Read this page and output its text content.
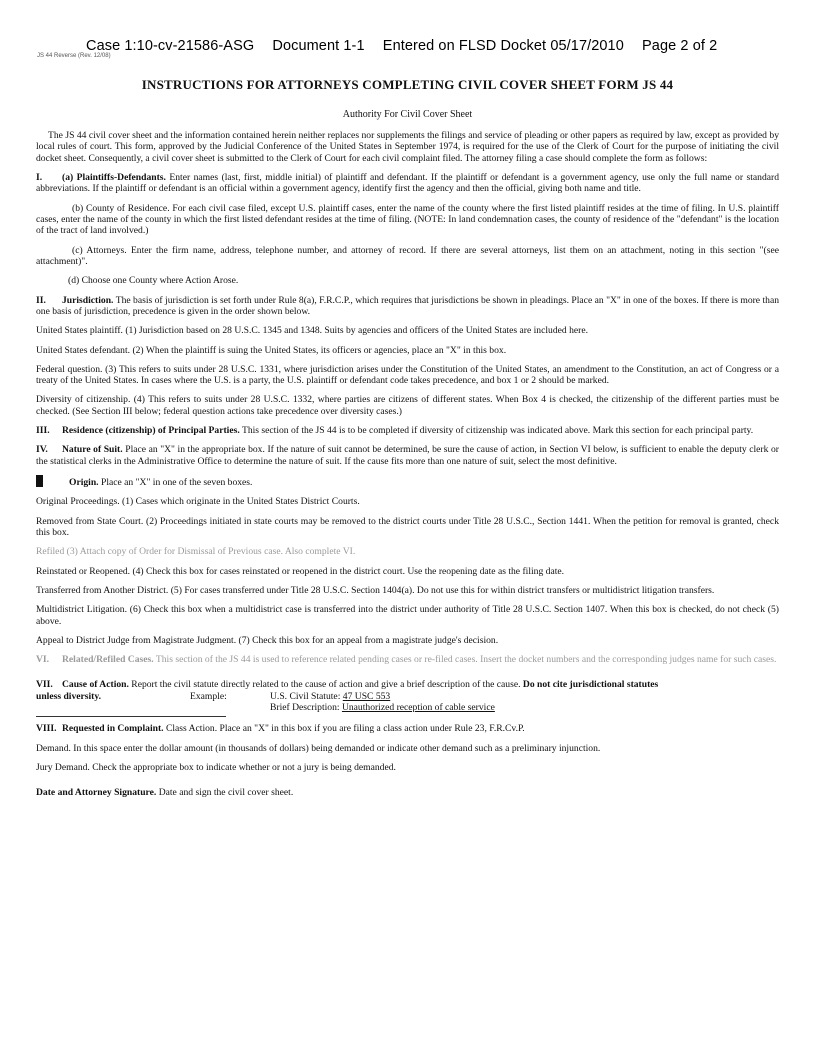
Case 1:10-cv-21586-ASG Document 1-1 Entered on FLSD Docket 05/17/2010 Page 2 of 2
JS 44 Reverse (Rev. 12/08)
INSTRUCTIONS FOR ATTORNEYS COMPLETING CIVIL COVER SHEET FORM JS 44
Authority For Civil Cover Sheet

The JS 44 civil cover sheet and the information contained herein neither replaces nor supplements the filings and service of pleading or other papers as required by law, except as provided by local rules of court. This form, approved by the Judicial Conference of the United States in September 1974, is required for the use of the Clerk of Court for the purpose of initiating the civil docket sheet. Consequently, a civil cover sheet is submitted to the Clerk of Court for each civil complaint filed. The attorney filing a case should complete the form as follows:

I. (a) Plaintiffs-Defendants. Enter names (last, first, middle initial) of plaintiff and defendant. If the plaintiff or defendant is a government agency, use only the full name or standard abbreviations. If the plaintiff or defendant is an official within a government agency, identify first the agency and then the official, giving both name and title.

(b) County of Residence. For each civil case filed, except U.S. plaintiff cases, enter the name of the county where the first listed plaintiff resides at the time of filing. In U.S. plaintiff cases, enter the name of the county in which the first listed defendant resides at the time of filing. (NOTE: In land condemnation cases, the county of residence of the "defendant" is the location of the tract of land involved.)

(c) Attorneys. Enter the firm name, address, telephone number, and attorney of record. If there are several attorneys, list them on an attachment, noting in this section "(see attachment)".

(d) Choose one County where Action Arose.

II. Jurisdiction. The basis of jurisdiction is set forth under Rule 8(a), F.R.C.P., which requires that jurisdictions be shown in pleadings. Place an "X" in one of the boxes. If there is more than one basis of jurisdiction, precedence is given in the order shown below.

United States plaintiff. (1) Jurisdiction based on 28 U.S.C. 1345 and 1348. Suits by agencies and officers of the United States are included here.

United States defendant. (2) When the plaintiff is suing the United States, its officers or agencies, place an "X" in this box.

Federal question. (3) This refers to suits under 28 U.S.C. 1331, where jurisdiction arises under the Constitution of the United States, an amendment to the Constitution, an act of Congress or a treaty of the United States. In cases where the U.S. is a party, the U.S. plaintiff or defendant code takes precedence, and box 1 or 2 should be marked.

Diversity of citizenship. (4) This refers to suits under 28 U.S.C. 1332, where parties are citizens of different states. When Box 4 is checked, the citizenship of the different parties must be checked. (See Section III below; federal question actions take precedence over diversity cases.)

III. Residence (citizenship) of Principal Parties. This section of the JS 44 is to be completed if diversity of citizenship was indicated above. Mark this section for each principal party.

IV. Nature of Suit. Place an "X" in the appropriate box. If the nature of suit cannot be determined, be sure the cause of action, in Section VI below, is sufficient to enable the deputy clerk or the statistical clerks in the Administrative Office to determine the nature of suit. If the cause fits more than one nature of suit, select the most definitive.

Origin. Place an "X" in one of the seven boxes.

Original Proceedings. (1) Cases which originate in the United States District Courts.

Removed from State Court. (2) Proceedings initiated in state courts may be removed to the district courts under Title 28 U.S.C., Section 1441. When the petition for removal is granted, check this box.

Refiled (3) Attach copy of Order for Dismissal of Previous case. Also complete VI.

Reinstated or Reopened. (4) Check this box for cases reinstated or reopened in the district court. Use the reopening date as the filing date.

Transferred from Another District. (5) For cases transferred under Title 28 U.S.C. Section 1404(a). Do not use this for within district transfers or multidistrict litigation transfers.

Multidistrict Litigation. (6) Check this box when a multidistrict case is transferred into the district under authority of Title 28 U.S.C. Section 1407. When this box is checked, do not check (5) above.

Appeal to District Judge from Magistrate Judgment. (7) Check this box for an appeal from a magistrate judge's decision.

VI. Related/Refiled Cases. This section of the JS 44 is used to reference related pending cases or re-filed cases. Insert the docket numbers and the corresponding judges name for such cases.

VII. Cause of Action. Report the civil statute directly related to the cause of action and give a brief description of the cause. Do not cite jurisdictional statutes
unless diversity.	Example:	U.S. Civil Statute: 47 USC 553
Brief Description: Unauthorized reception of cable service

VIII. Requested in Complaint. Class Action. Place an "X" in this box if you are filing a class action under Rule 23, F.R.Cv.P.

Demand. In this space enter the dollar amount (in thousands of dollars) being demanded or indicate other demand such as a preliminary injunction.

Jury Demand. Check the appropriate box to indicate whether or not a jury is being demanded.

Date and Attorney Signature. Date and sign the civil cover sheet.
